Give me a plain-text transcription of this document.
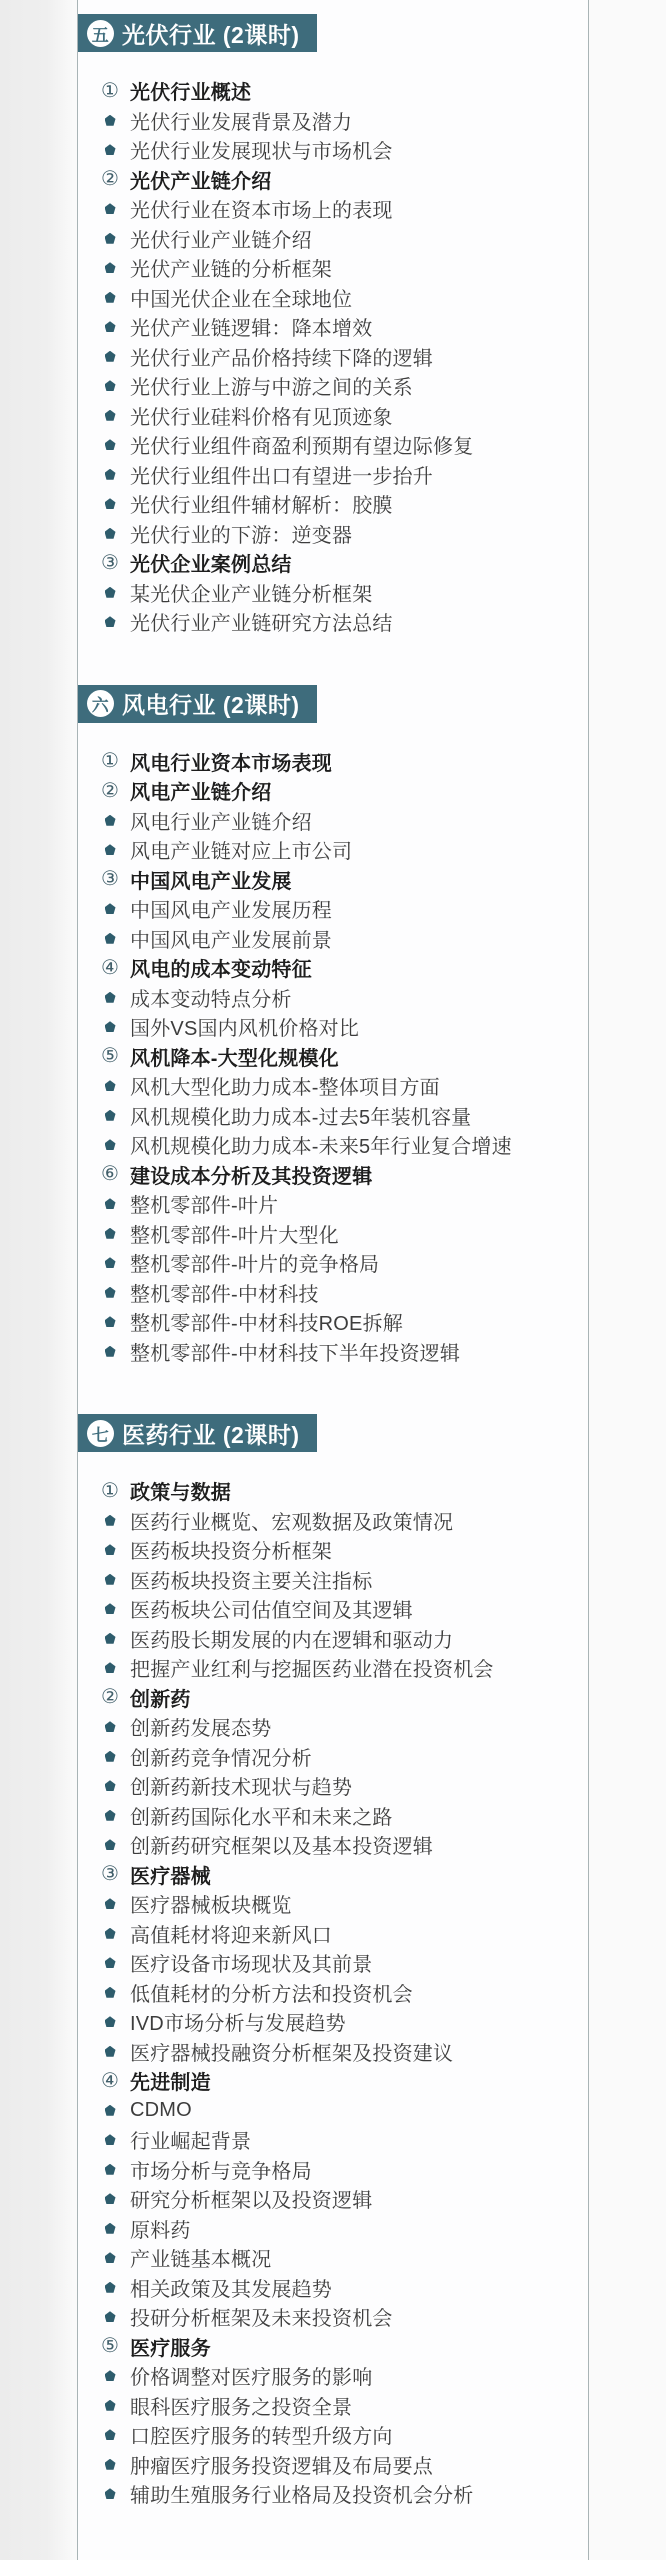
五 光伏行业 (2课时)
① 光伏行业概述
光伏行业发展背景及潜力
光伏行业发展现状与市场机会
② 光伏产业链介绍
光伏行业在资本市场上的表现
光伏行业产业链介绍
光伏产业链的分析框架
中国光伏企业在全球地位
光伏产业链逻辑：降本增效
光伏行业产品价格持续下降的逻辑
光伏行业上游与中游之间的关系
光伏行业硅料价格有见顶迹象
光伏行业组件商盈利预期有望边际修复
光伏行业组件出口有望进一步抬升
光伏行业组件辅材解析：胶膜
光伏行业的下游：逆变器
③ 光伏企业案例总结
某光伏企业产业链分析框架
光伏行业产业链研究方法总结
六 风电行业 (2课时)
① 风电行业资本市场表现
② 风电产业链介绍
风电行业产业链介绍
风电产业链对应上市公司
③ 中国风电产业发展
中国风电产业发展历程
中国风电产业发展前景
④ 风电的成本变动特征
成本变动特点分析
国外VS国内风机价格对比
⑤ 风机降本-大型化规模化
风机大型化助力成本-整体项目方面
风机规模化助力成本-过去5年装机容量
风机规模化助力成本-未来5年行业复合增速
⑥ 建设成本分析及其投资逻辑
整机零部件-叶片
整机零部件-叶片大型化
整机零部件-叶片的竞争格局
整机零部件-中材科技
整机零部件-中材科技ROE拆解
整机零部件-中材科技下半年投资逻辑
七 医药行业 (2课时)
① 政策与数据
医药行业概览、宏观数据及政策情况
医药板块投资分析框架
医药板块投资主要关注指标
医药板块公司估值空间及其逻辑
医药股长期发展的内在逻辑和驱动力
把握产业红利与挖掘医药业潜在投资机会
② 创新药
创新药发展态势
创新药竞争情况分析
创新药新技术现状与趋势
创新药国际化水平和未来之路
创新药研究框架以及基本投资逻辑
③ 医疗器械
医疗器械板块概览
高值耗材将迎来新风口
医疗设备市场现状及其前景
低值耗材的分析方法和投资机会
IVD市场分析与发展趋势
医疗器械投融资分析框架及投资建议
④ 先进制造
CDMO
行业崛起背景
市场分析与竞争格局
研究分析框架以及投资逻辑
原料药
产业链基本概况
相关政策及其发展趋势
投研分析框架及未来投资机会
⑤ 医疗服务
价格调整对医疗服务的影响
眼科医疗服务之投资全景
口腔医疗服务的转型升级方向
肿瘤医疗服务投资逻辑及布局要点
辅助生殖服务行业格局及投资机会分析
